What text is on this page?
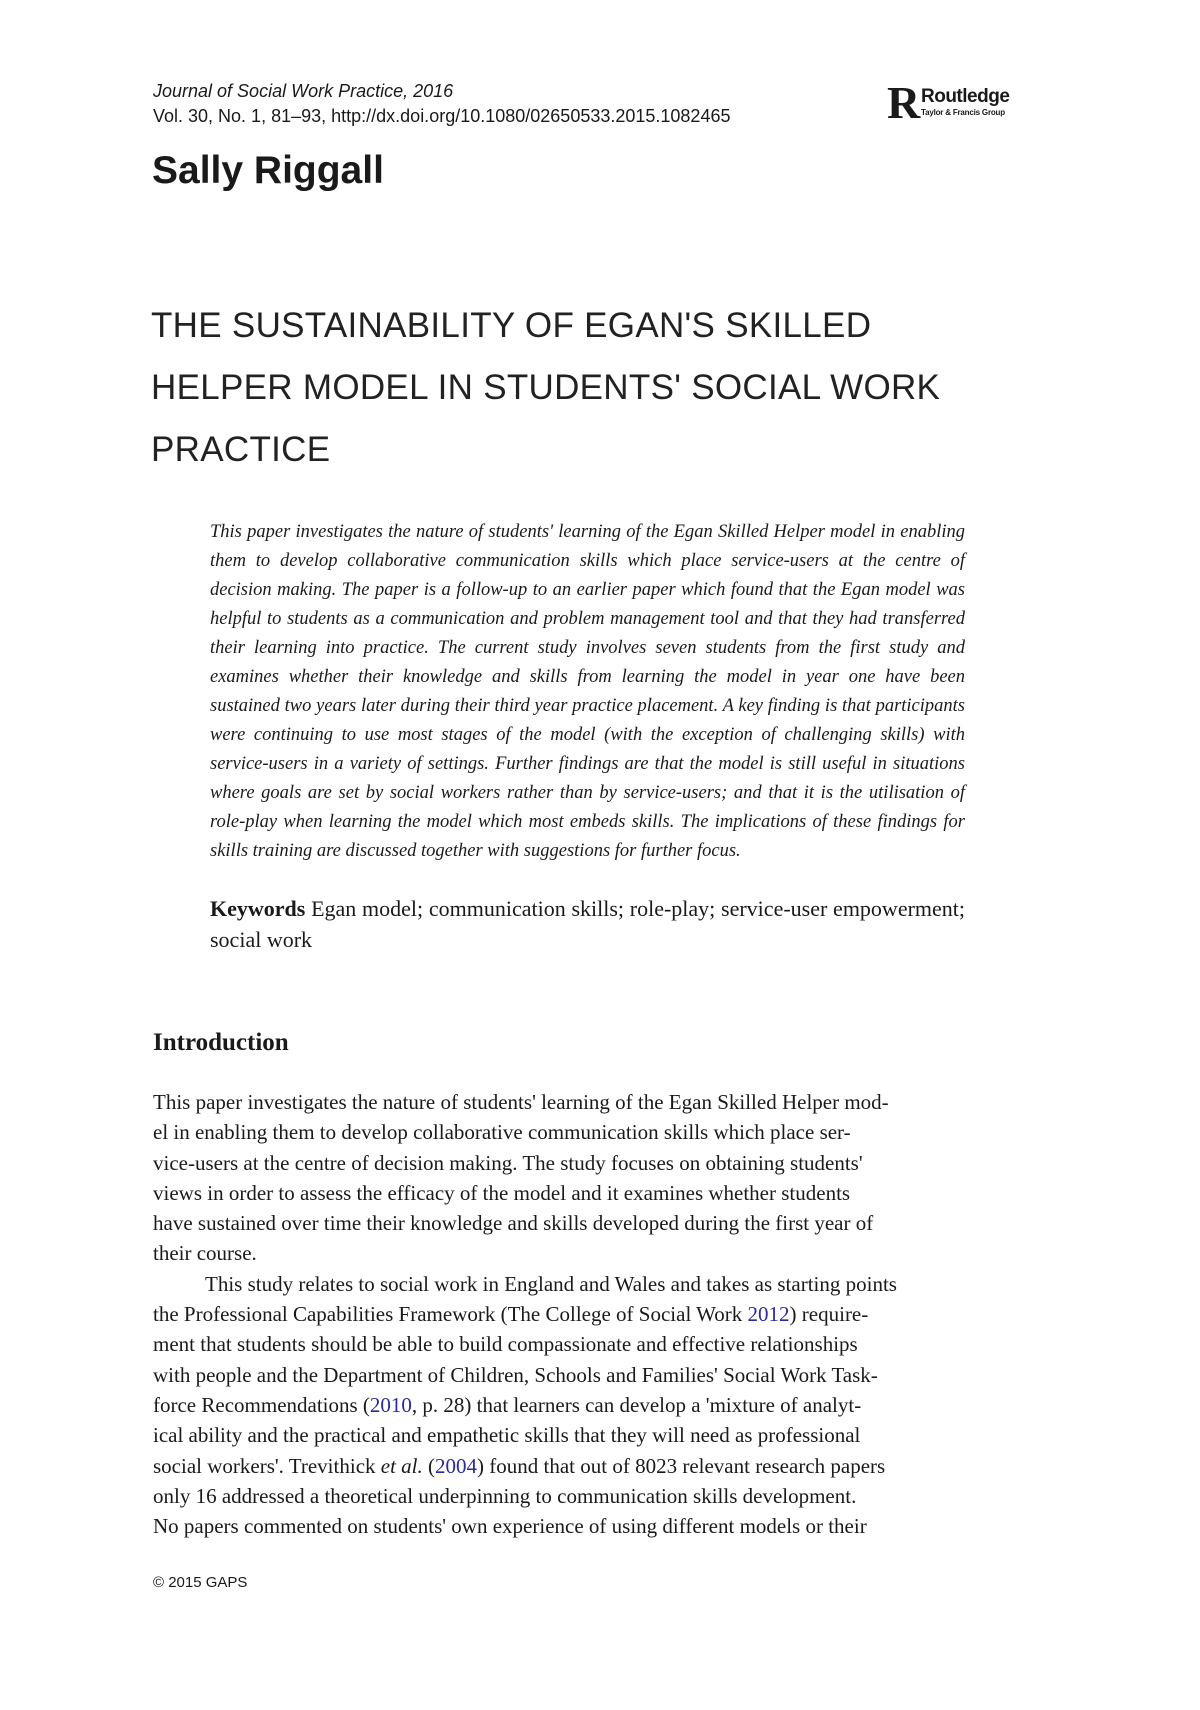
Journal of Social Work Practice, 2016
Vol. 30, No. 1, 81–93, http://dx.doi.org/10.1080/02650533.2015.1082465	R Routledge
Taylor & Francis Group
Sally Riggall
THE SUSTAINABILITY OF EGAN'S SKILLED
HELPER MODEL IN STUDENTS' SOCIAL WORK
PRACTICE
This paper investigates the nature of students' learning of the Egan Skilled Helper model in enabling them to develop collaborative communication skills which place service-users at the centre of decision making. The paper is a follow-up to an earlier paper which found that the Egan model was helpful to students as a communication and problem management tool and that they had transferred their learning into practice. The current study involves seven students from the first study and examines whether their knowledge and skills from learning the model in year one have been sustained two years later during their third year practice placement. A key finding is that participants were continuing to use most stages of the model (with the exception of challenging skills) with service-users in a variety of settings. Further findings are that the model is still useful in situations where goals are set by social workers rather than by service-users; and that it is the utilisation of role-play when learning the model which most embeds skills. The implications of these findings for skills training are discussed together with suggestions for further focus.
Keywords Egan model; communication skills; role-play; service-user empowerment; social work
Introduction
This paper investigates the nature of students' learning of the Egan Skilled Helper mod-
el in enabling them to develop collaborative communication skills which place ser-
vice-users at the centre of decision making. The study focuses on obtaining students'
views in order to assess the efficacy of the model and it examines whether students
have sustained over time their knowledge and skills developed during the first year of
their course.
This study relates to social work in England and Wales and takes as starting points
the Professional Capabilities Framework (The College of Social Work 2012) require-
ment that students should be able to build compassionate and effective relationships
with people and the Department of Children, Schools and Families' Social Work Task-
force Recommendations (2010, p. 28) that learners can develop a 'mixture of analyt-
ical ability and the practical and empathetic skills that they will need as professional
social workers'. Trevithick et al. (2004) found that out of 8023 relevant research papers
only 16 addressed a theoretical underpinning to communication skills development.
No papers commented on students' own experience of using different models or their
© 2015 GAPS
